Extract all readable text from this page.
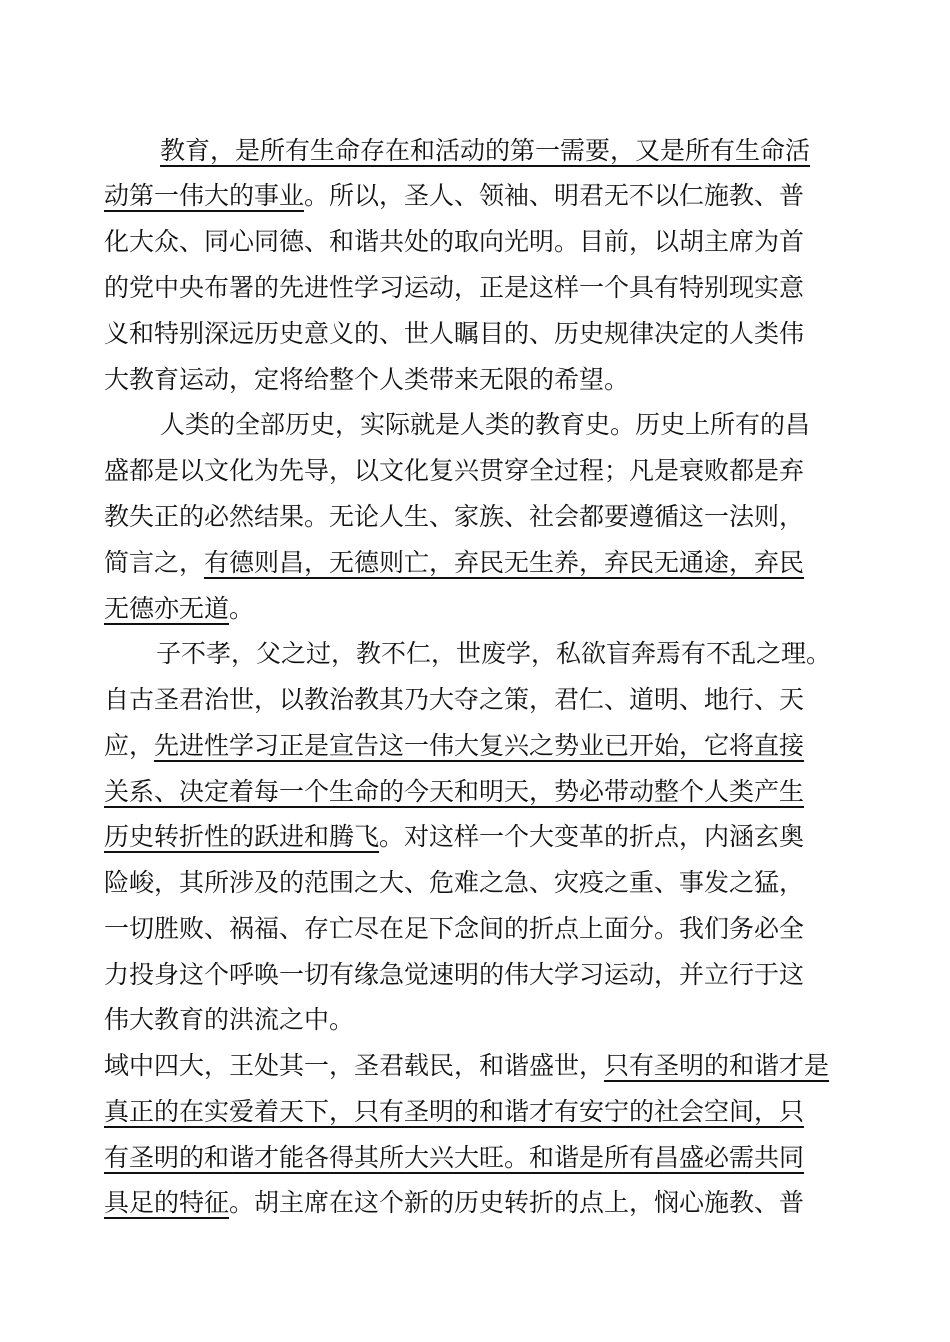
教育，是所有生命存在和活动的第一需要，又是所有生命活
动第一伟大的事业。所以，圣人、领袖、明君无不以仁施教、普
化大众、同心同德、和谐共处的取向光明。目前，以胡主席为首
的党中央布署的先进性学习运动，正是这样一个具有特别现实意
义和特别深远历史意义的、世人瞩目的、历史规律决定的人类伟
大教育运动，定将给整个人类带来无限的希望。
人类的全部历史，实际就是人类的教育史。历史上所有的昌
盛都是以文化为先导，以文化复兴贯穿全过程；凡是衰败都是弃
教失正的必然结果。无论人生、家族、社会都要遵循这一法则，
简言之，有德则昌，无德则亡，弃民无生养，弃民无通途，弃民
无德亦无道。
子不孝，父之过，教不仁，世废学，私欲盲奔焉有不乱之理。
自古圣君治世，以教治教其乃大夺之策，君仁、道明、地行、天
应，先进性学习正是宣告这一伟大复兴之势业已开始，它将直接
关系、决定着每一个生命的今天和明天，势必带动整个人类产生
历史转折性的跃进和腾飞。对这样一个大变革的折点，内涵玄奥
险峻，其所涉及的范围之大、危难之急、灾疫之重、事发之猛，
一切胜败、祸福、存亡尽在足下念间的折点上面分。我们务必全
力投身这个呼唤一切有缘急觉速明的伟大学习运动，并立行于这
伟大教育的洪流之中。
域中四大，王处其一，圣君载民，和谐盛世，只有圣明的和谐才是
真正的在实爱着天下，只有圣明的和谐才有安宁的社会空间，只
有圣明的和谐才能各得其所大兴大旺。和谐是所有昌盛必需共同
具足的特征。胡主席在这个新的历史转折的点上，悯心施教、普
